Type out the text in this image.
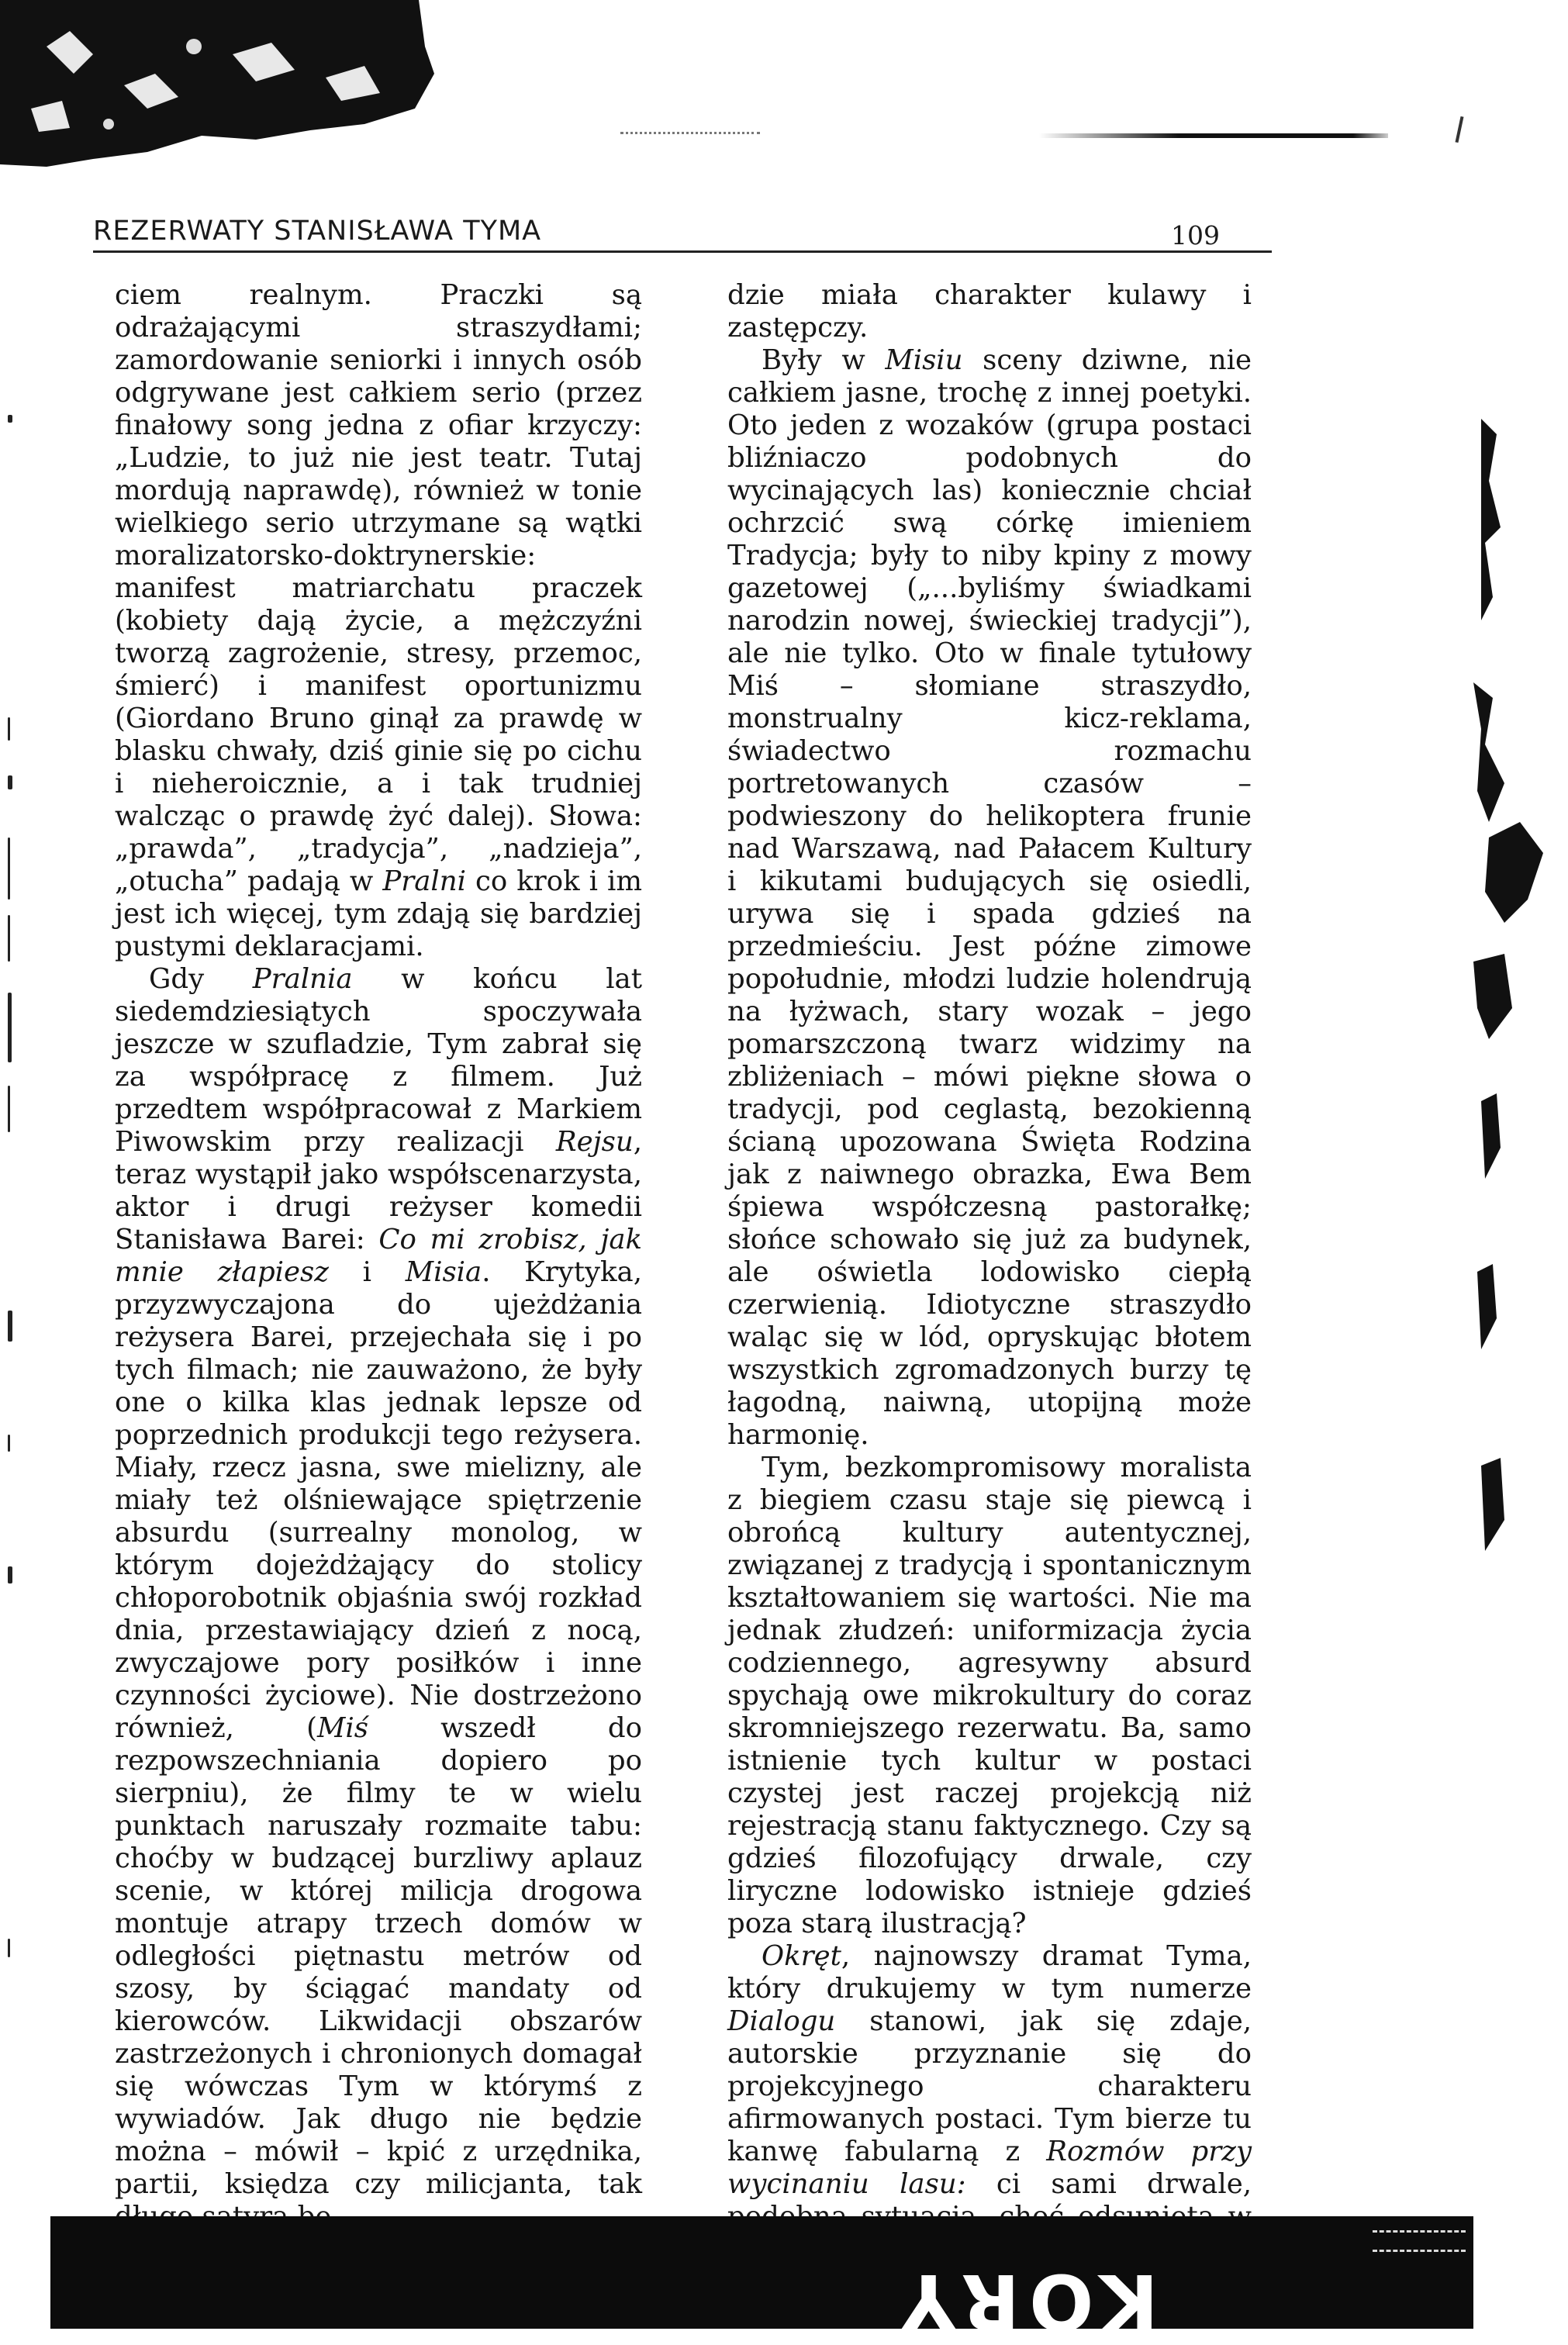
REZERWATY STANISŁAWA TYMA	109

ciem realnym. Praczki są odrażającymi straszydłami; zamordowanie seniorki i innych osób odgrywane jest całkiem serio (przez finałowy song jedna z ofiar krzyczy: „Ludzie, to już nie jest teatr. Tutaj mordują naprawdę), również w tonie wielkiego serio utrzymane są wątki moralizatorsko-doktrynerskie: manifest matriarchatu praczek (kobiety dają życie, a mężczyźni tworzą zagrożenie, stresy, przemoc, śmierć) i manifest oportunizmu (Giordano Bruno ginął za prawdę w blasku chwały, dziś ginie się po cichu i nieheroicznie, a i tak trudniej walcząc o prawdę żyć dalej). Słowa: „prawda”, „tradycja”, „nadzieja”, „otucha” padają w Pralni co krok i im jest ich więcej, tym zdają się bardziej pustymi deklaracjami.

Gdy Pralnia w końcu lat siedemdziesiątych spoczywała jeszcze w szufladzie, Tym zabrał się za współpracę z filmem. Już przedtem współpracował z Markiem Piwowskim przy realizacji Rejsu, teraz wystąpił jako współscenarzysta, aktor i drugi reżyser komedii Stanisława Barei: Co mi zrobisz, jak mnie złapiesz i Misia. Krytyka, przyzwyczajona do ujeżdżania reżysera Barei, przejechała się i po tych filmach; nie zauważono, że były one o kilka klas jednak lepsze od poprzednich produkcji tego reżysera. Miały, rzecz jasna, swe mielizny, ale miały też olśniewające spiętrzenie absurdu (surrealny monolog, w którym dojeżdżający do stolicy chłoporobotnik objaśnia swój rozkład dnia, przestawiający dzień z nocą, zwyczajowe pory posiłków i inne czynności życiowe). Nie dostrzeżono również, (Miś	wszedł do rezpowszechniania dopiero po sierpniu), że filmy te w wielu punktach naruszały rozmaite tabu: choćby w budzącej burzliwy aplauz scenie, w której milicja drogowa montuje atrapy trzech domów w odległości piętnastu metrów od szosy, by ściągać mandaty od kierowców. Likwidacji obszarów zastrzeżonych i chronionych domagał się wówczas Tym w którymś z wywiadów. Jak długo nie będzie można – mówił – kpić z urzędnika, partii, księdza czy milicjanta, tak

dzie miała charakter kulawy i zastępczy.

Były w Misiu sceny dziwne, nie całkiem jasne, trochę z innej poetyki. Oto jeden z wozaków (grupa postaci bliźniaczo podobnych do wycinających las) koniecznie chciał ochrzcić swą córkę imieniem Tradycja; były to niby kpiny z mowy gazetowej („...byliśmy świadkami narodzin nowej, świeckiej tradycji”), ale nie tylko. Oto w finale tytułowy Miś – słomiane straszydło, monstrualny kicz-reklama, świadectwo rozmachu portretowanych czasów – podwieszony do helikoptera frunie nad Warszawą, nad Pałacem Kultury i kikutami budujących się osiedli, urywa się i spada gdzieś na przedmieściu. Jest późne zimowe popołudnie, młodzi ludzie holendrują na łyżwach, stary wozak – jego pomarszczoną twarz widzimy na zbliżeniach – mówi piękne słowa o tradycji, pod ceglastą, bezokienną ścianą upozowana Święta Rodzina jak z naiwnego obrazka, Ewa Bem śpiewa współczesną pastorałkę; słońce schowało się już za budynek, ale oświetla lodowisko ciepłą czerwienią. Idiotyczne straszydło waląc się w lód, opryskując błotem wszystkich zgromadzonych burzy tę łagodną, naiwną, utopijną może harmonię.

Tym, bezkompromisowy moralista z biegiem czasu staje się piewcą i obrońcą kultury autentycznej, związanej z tradycją i spontanicznym kształtowaniem się wartości. Nie ma jednak złudzeń: uniformizacja życia codziennego, agresywny absurd spychają owe mikrokultury do coraz skromniejszego rezerwatu. Ba, samo istnienie tych kultur w postaci czystej jest raczej projekcją niż rejestracją stanu faktycznego. Czy są gdzieś filozofujący drwale, czy liryczne lodowisko istnieje gdzieś poza starą ilustracją?

Okręt, najnowszy dramat Tyma, który drukujemy w tym numerze Dialogu stanowi, jak się zdaje, autorskie przyznanie się do projekcyjnego charakteru afirmowanych postaci. Tym bierze tu kanwę fabularną z Rozmów przy wycinaniu lasu: ci sami drwale,

KORY
